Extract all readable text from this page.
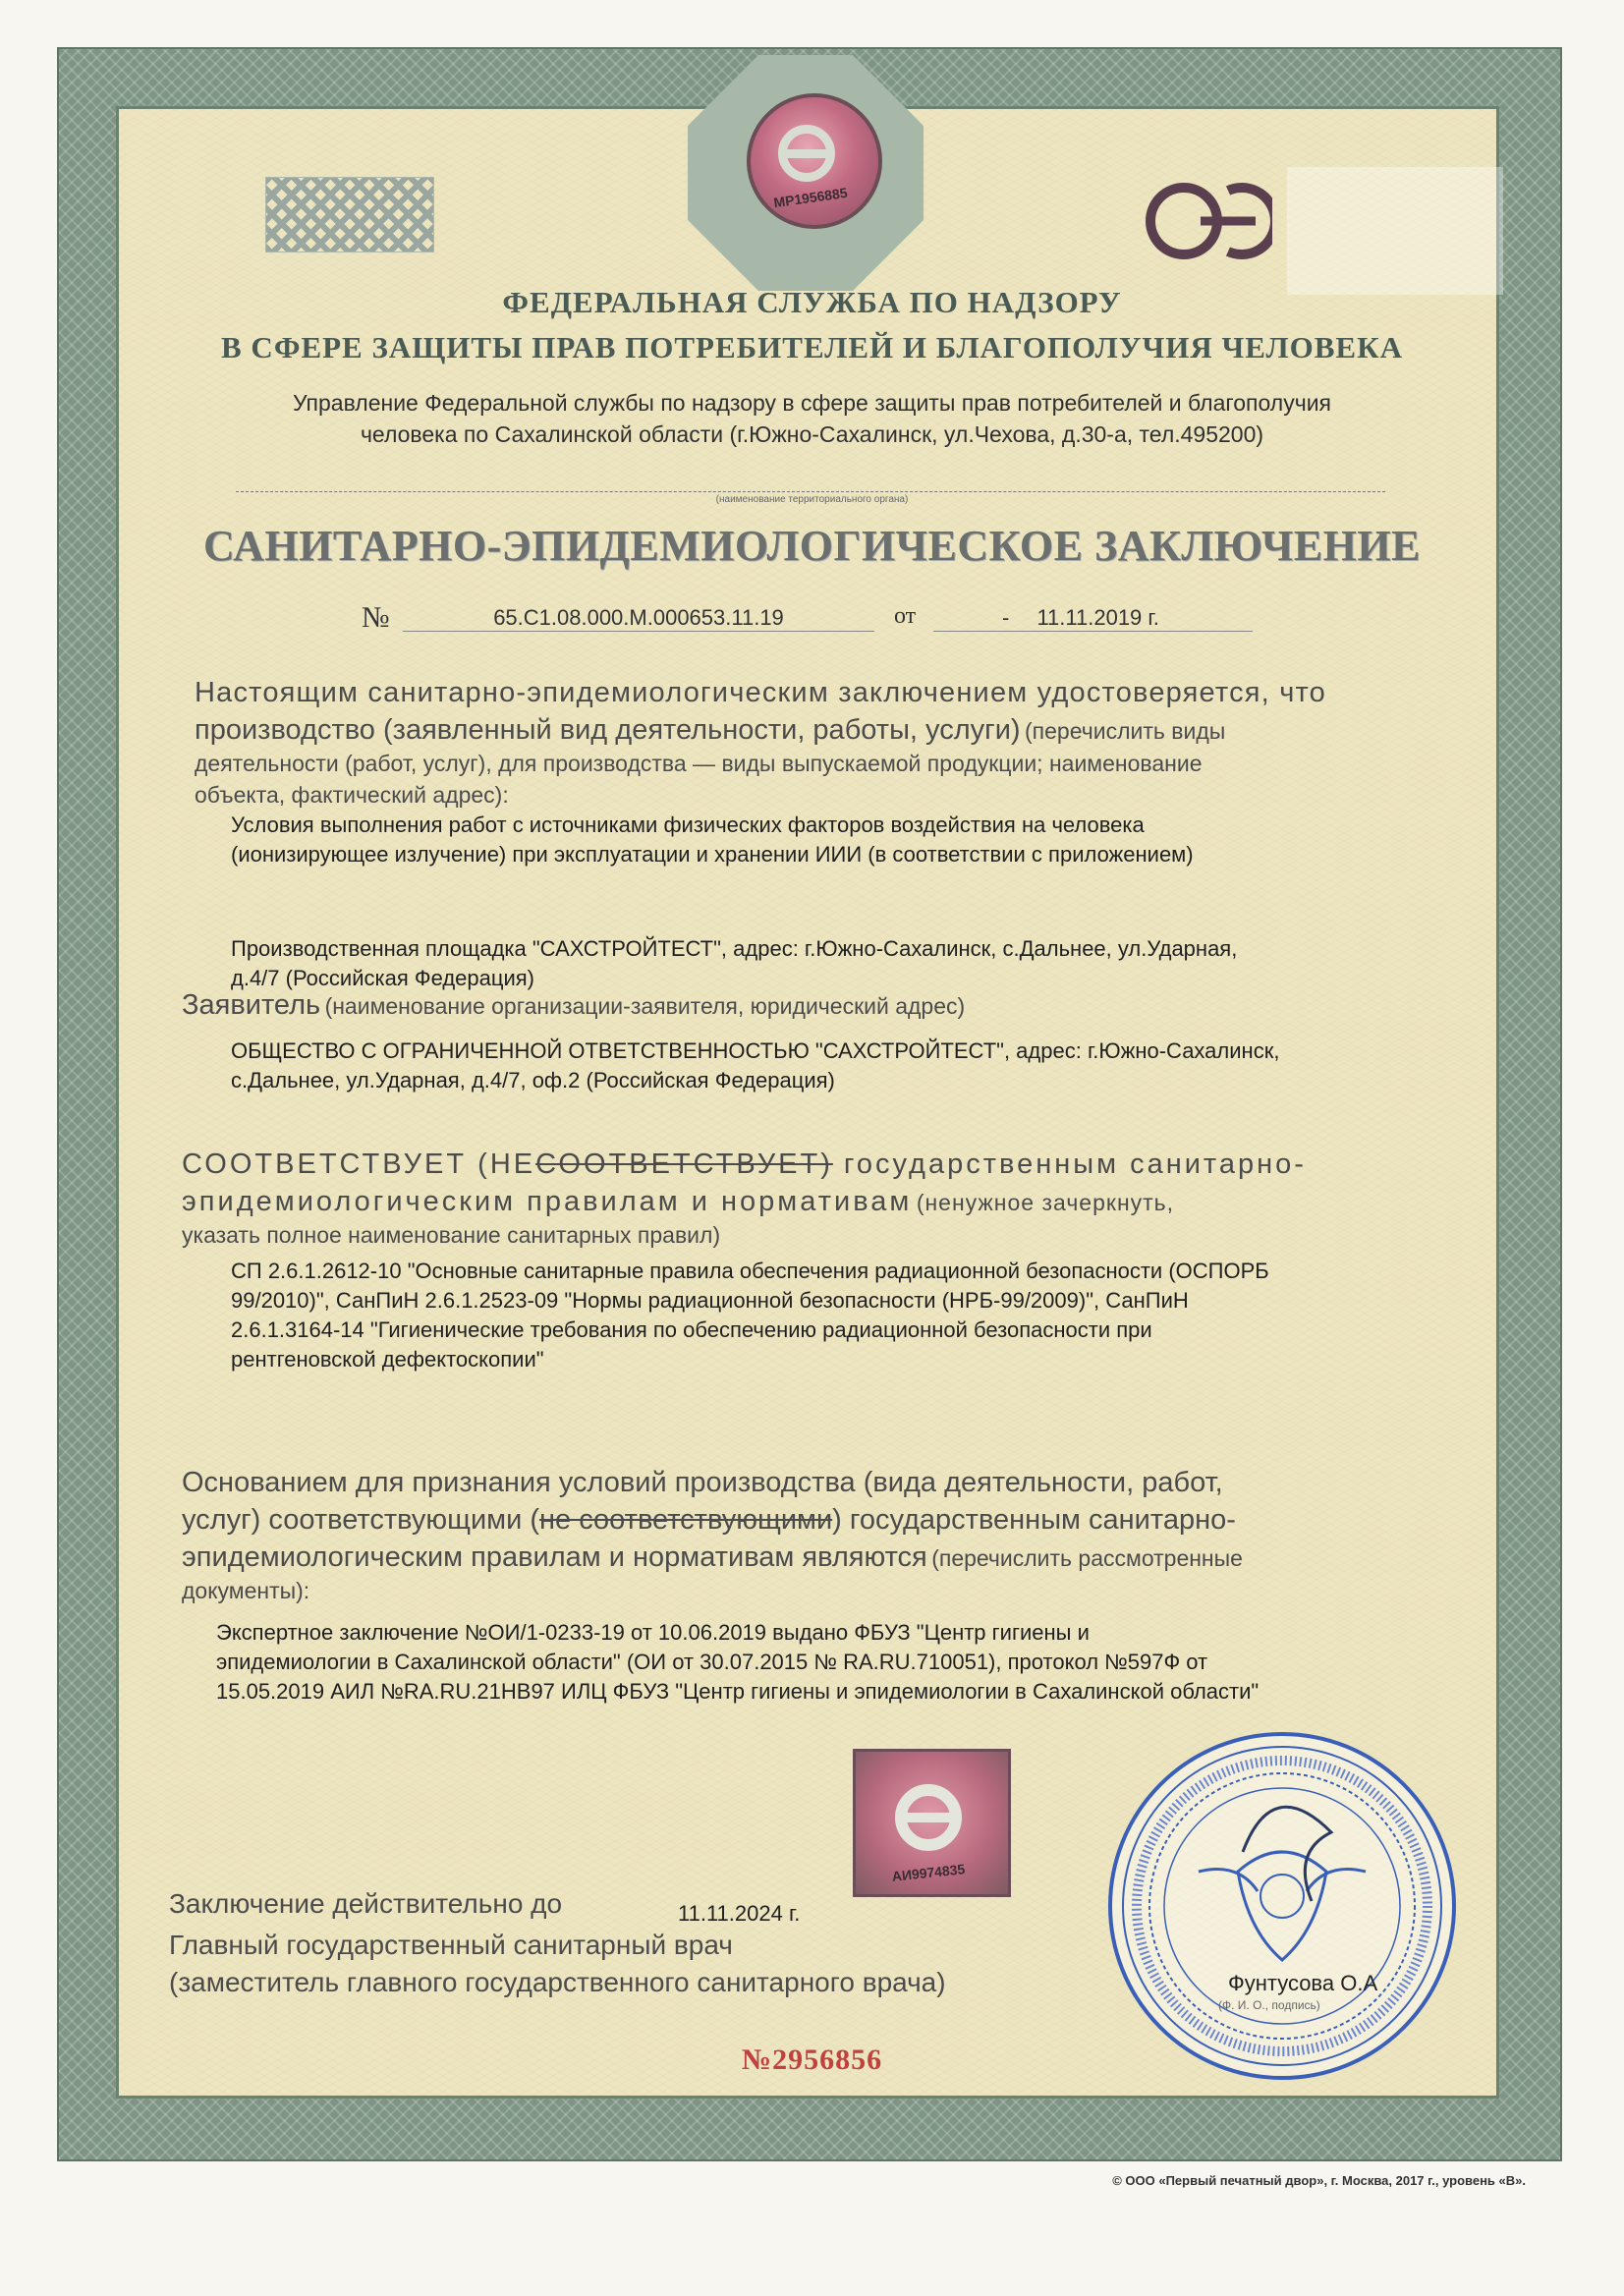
MP1956885
ФЕДЕРАЛЬНАЯ СЛУЖБА ПО НАДЗОРУ
В СФЕРЕ ЗАЩИТЫ ПРАВ ПОТРЕБИТЕЛЕЙ И БЛАГОПОЛУЧИЯ ЧЕЛОВЕКА
Управление Федеральной службы по надзору в сфере защиты прав потребителей и благополучия
человека по Сахалинской области (г.Южно-Сахалинск, ул.Чехова, д.30-а, тел.495200)
(наименование территориального органа)
САНИТАРНО-ЭПИДЕМИОЛОГИЧЕСКОЕ ЗАКЛЮЧЕНИЕ
№	65.С1.08.000.М.000653.11.19	от	- 11.11.2019 г.
Настоящим санитарно-эпидемиологическим заключением удостоверяется, что
производство (заявленный вид деятельности, работы, услуги) (перечислить виды
деятельности (работ, услуг), для производства — виды выпускаемой продукции; наименование
объекта, фактический адрес):
Условия выполнения работ с источниками физических факторов воздействия на человека
(ионизирующее излучение) при эксплуатации и хранении ИИИ (в соответствии с приложением)
Производственная площадка "САХСТРОЙТЕСТ", адрес: г.Южно-Сахалинск, с.Дальнее, ул.Ударная,
д.4/7 (Российская Федерация)
Заявитель (наименование организации-заявителя, юридический адрес)
ОБЩЕСТВО С ОГРАНИЧЕННОЙ ОТВЕТСТВЕННОСТЬЮ "САХСТРОЙТЕСТ", адрес: г.Южно-Сахалинск,
с.Дальнее, ул.Ударная, д.4/7, оф.2 (Российская Федерация)
СООТВЕТСТВУЕТ (НЕСООТВЕТСТВУЕТ) государственным санитарно-
эпидемиологическим правилам и нормативам (ненужное зачеркнуть,
указать полное наименование санитарных правил)
СП 2.6.1.2612-10 "Основные санитарные правила обеспечения радиационной безопасности (ОСПОРБ
99/2010)", СанПиН 2.6.1.2523-09 "Нормы радиационной безопасности (НРБ-99/2009)", СанПиН
2.6.1.3164-14 "Гигиенические требования по обеспечению радиационной безопасности при
рентгеновской дефектоскопии"
Основанием для признания условий производства (вида деятельности, работ,
услуг) соответствующими (не соответствующими) государственным санитарно-
эпидемиологическим правилам и нормативам являются (перечислить рассмотренные
документы):
Экспертное заключение №ОИ/1-0233-19 от 10.06.2019 выдано ФБУЗ "Центр гигиены и
эпидемиологии в Сахалинской области" (ОИ от 30.07.2015 № RA.RU.710051), протокол №597Ф от
15.05.2019 АИЛ №RA.RU.21НВ97 ИЛЦ ФБУЗ "Центр гигиены и эпидемиологии в Сахалинской области"
АИ9974835
Заключение действительно до	11.11.2024 г.
Главный государственный санитарный врач
(заместитель главного государственного санитарного врача)	Фунтусова О.А
(Ф. И. О., подпись)
№2956856
© ООО «Первый печатный двор», г. Москва, 2017 г., уровень «В».
